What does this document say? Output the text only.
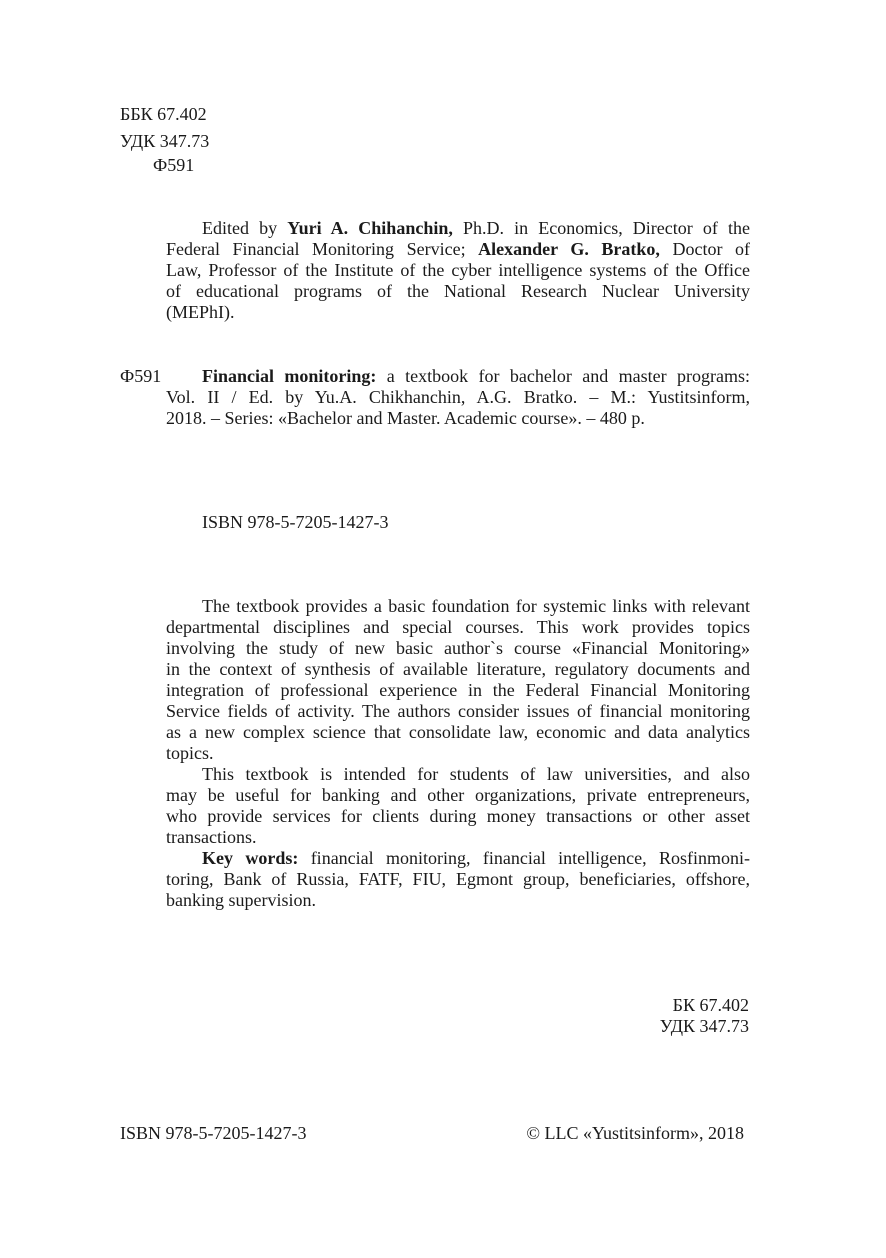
ББК 67.402
УДК 347.73
Ф591
Edited by Yuri A. Chihanchin, Ph.D. in Economics, Director of the
Federal Financial Monitoring Service; Alexander G. Bratko, Doctor of
Law, Professor of the Institute of the cyber intelligence systems of the Office
of educational programs of the National Research Nuclear University
(MEPhI).
Ф591	Financial monitoring: a textbook for bachelor and master programs:
Vol. II / Ed. by Yu.A. Chikhanchin, A.G. Bratko. – M.: Yustitsinform,
2018. – Series: «Bachelor and Master. Academic course». – 480 p.
ISBN 978-5-7205-1427-3
The textbook provides a basic foundation for systemic links with relevant
departmental disciplines and special courses. This work provides topics
involving the study of new basic author`s course «Financial Monitoring»
in the context of synthesis of available literature, regulatory documents and
integration of professional experience in the Federal Financial Monitoring
Service fields of activity. The authors consider issues of financial monitoring
as a new complex science that consolidate law, economic and data analytics
topics.
This textbook is intended for students of law universities, and also
may be useful for banking and other organizations, private entrepreneurs,
who provide services for clients during money transactions or other asset
transactions.
Key words: financial monitoring, financial intelligence, Rosfinmoni-
toring, Bank of Russia, FATF, FIU, Egmont group, beneficiaries, offshore,
banking supervision.
БК 67.402
УДК 347.73
ISBN 978-5-7205-1427-3	© LLC «Yustitsinform», 2018
